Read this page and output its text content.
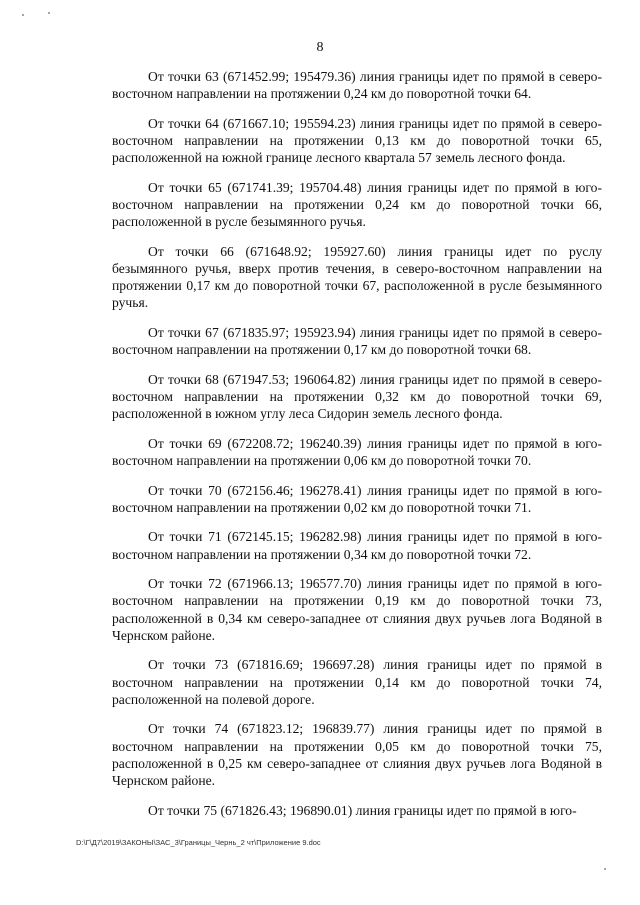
8

От точки 63 (671452.99; 195479.36) линия границы идет по прямой в северо-восточном направлении на протяжении 0,24 км до поворотной точки 64.

От точки 64 (671667.10; 195594.23) линия границы идет по прямой в северо-восточном направлении на протяжении 0,13 км до поворотной точки 65, расположенной на южной границе лесного квартала 57 земель лесного фонда.

От точки 65 (671741.39; 195704.48) линия границы идет по прямой в юго-восточном направлении на протяжении 0,24 км до поворотной точки 66, расположенной в русле безымянного ручья.

От точки 66 (671648.92; 195927.60) линия границы идет по руслу безымянного ручья, вверх против течения, в северо-восточном направлении на протяжении 0,17 км до поворотной точки 67, расположенной в русле безымянного ручья.

От точки 67 (671835.97; 195923.94) линия границы идет по прямой в северо-восточном направлении на протяжении 0,17 км до поворотной точки 68.

От точки 68 (671947.53; 196064.82) линия границы идет по прямой в северо-восточном направлении на протяжении 0,32 км до поворотной точки 69, расположенной в южном углу леса Сидорин земель лесного фонда.

От точки 69 (672208.72; 196240.39) линия границы идет по прямой в юго-восточном направлении на протяжении 0,06 км до поворотной точки 70.

От точки 70 (672156.46; 196278.41) линия границы идет по прямой в юго-восточном направлении на протяжении 0,02 км до поворотной точки 71.

От точки 71 (672145.15; 196282.98) линия границы идет по прямой в юго-восточном направлении на протяжении 0,34 км до поворотной точки 72.

От точки 72 (671966.13; 196577.70) линия границы идет по прямой в юго-восточном направлении на протяжении 0,19 км до поворотной точки 73, расположенной в 0,34 км северо-западнее от слияния двух ручьев лога Водяной в Чернском районе.

От точки 73 (671816.69; 196697.28) линия границы идет по прямой в восточном направлении на протяжении 0,14 км до поворотной точки 74, расположенной на полевой дороге.

От точки 74 (671823.12; 196839.77) линия границы идет по прямой в восточном направлении на протяжении 0,05 км до поворотной точки 75, расположенной в 0,25 км северо-западнее от слияния двух ручьев лога Водяной в Чернском районе.

От точки 75 (671826.43; 196890.01) линия границы идет по прямой в юго-

D:\Г\Д7\2019\ЗАКОНЫ\ЗАС_3\Границы_Чернь_2 чт\Приложение 9.doc
